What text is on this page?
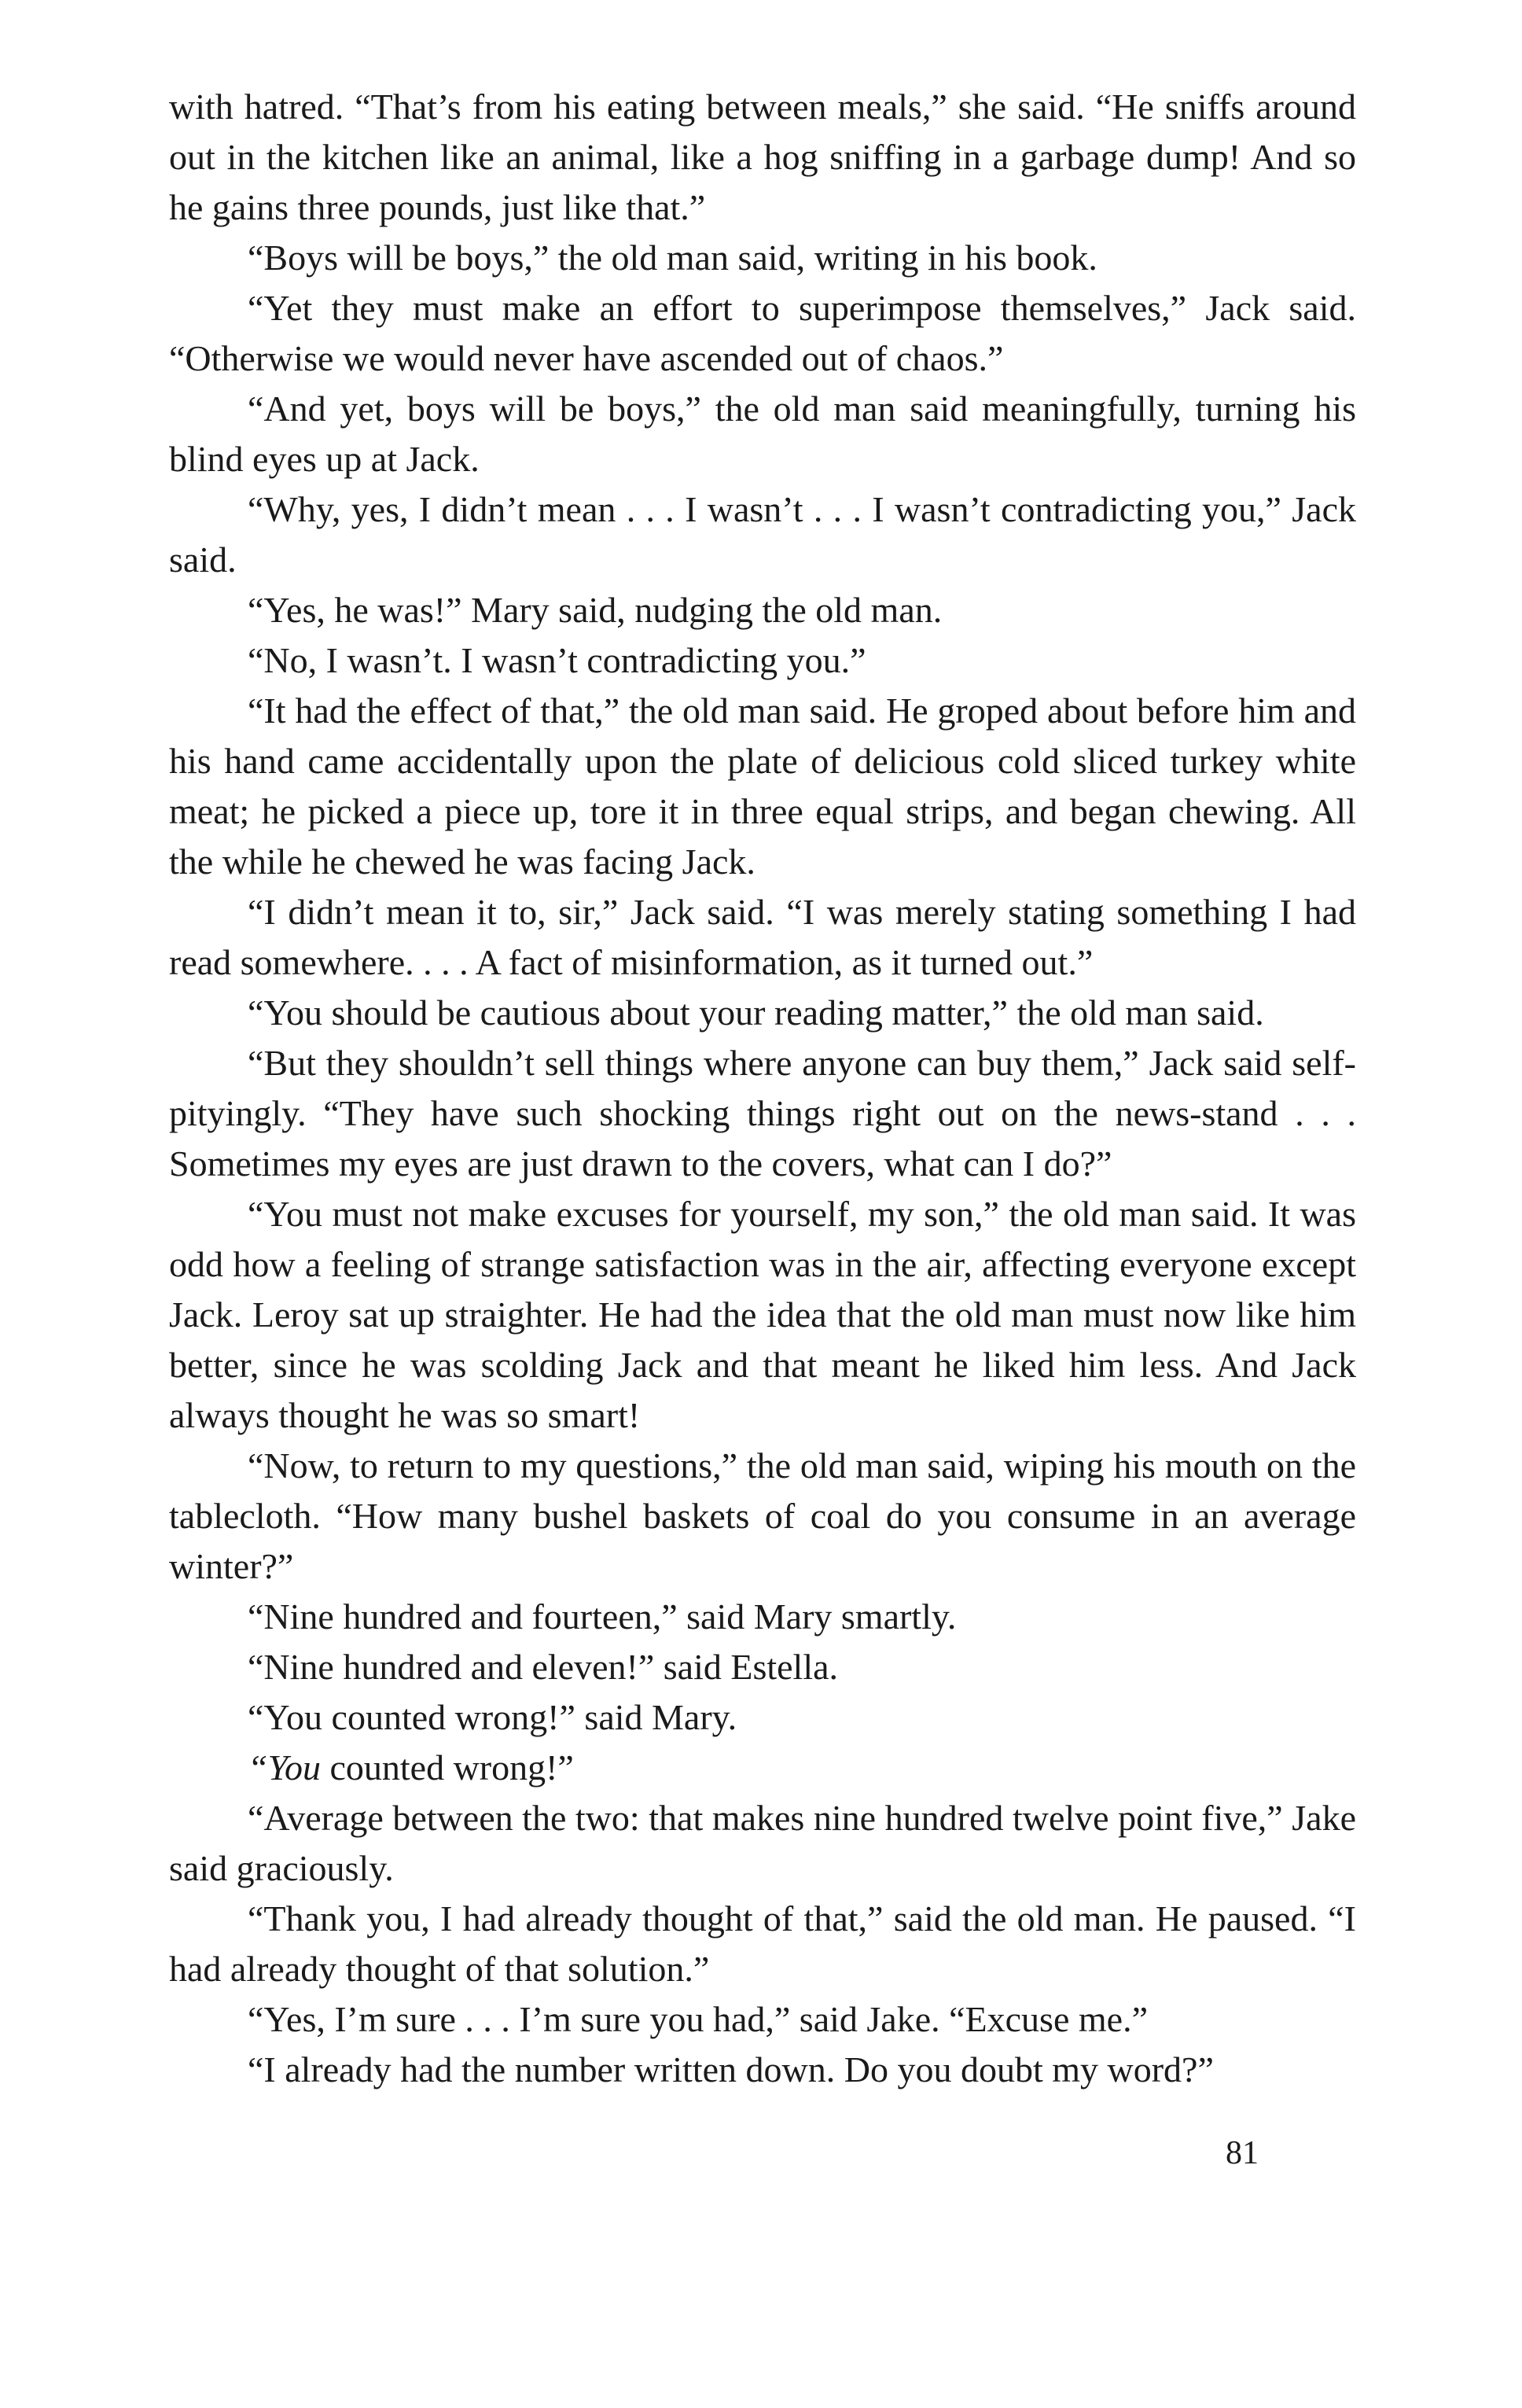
with hatred. “That’s from his eating between meals,” she said. “He sniffs around out in the kitchen like an animal, like a hog sniffing in a garbage dump! And so he gains three pounds, just like that.”

“Boys will be boys,” the old man said, writing in his book.

“Yet they must make an effort to superimpose themselves,” Jack said. “Otherwise we would never have ascended out of chaos.”

“And yet, boys will be boys,” the old man said meaningfully, turning his blind eyes up at Jack.

“Why, yes, I didn’t mean . . . I wasn’t . . . I wasn’t contradicting you,” Jack said.

“Yes, he was!” Mary said, nudging the old man.

“No, I wasn’t. I wasn’t contradicting you.”

“It had the effect of that,” the old man said. He groped about before him and his hand came accidentally upon the plate of delicious cold sliced turkey white meat; he picked a piece up, tore it in three equal strips, and began chewing. All the while he chewed he was facing Jack.

“I didn’t mean it to, sir,” Jack said. “I was merely stating something I had read somewhere. . . . A fact of misinformation, as it turned out.”

“You should be cautious about your reading matter,” the old man said.

“But they shouldn’t sell things where anyone can buy them,” Jack said self-pityingly. “They have such shocking things right out on the news-stand . . . Sometimes my eyes are just drawn to the covers, what can I do?”

“You must not make excuses for yourself, my son,” the old man said. It was odd how a feeling of strange satisfaction was in the air, affecting everyone except Jack. Leroy sat up straighter. He had the idea that the old man must now like him better, since he was scolding Jack and that meant he liked him less. And Jack always thought he was so smart!

“Now, to return to my questions,” the old man said, wiping his mouth on the tablecloth. “How many bushel baskets of coal do you consume in an average winter?”

“Nine hundred and fourteen,” said Mary smartly.

“Nine hundred and eleven!” said Estella.

“You counted wrong!” said Mary.

“You counted wrong!”

“Average between the two: that makes nine hundred twelve point five,” Jake said graciously.

“Thank you, I had already thought of that,” said the old man. He paused. “I had already thought of that solution.”

“Yes, I’m sure . . . I’m sure you had,” said Jake. “Excuse me.”

“I already had the number written down. Do you doubt my word?”

81
